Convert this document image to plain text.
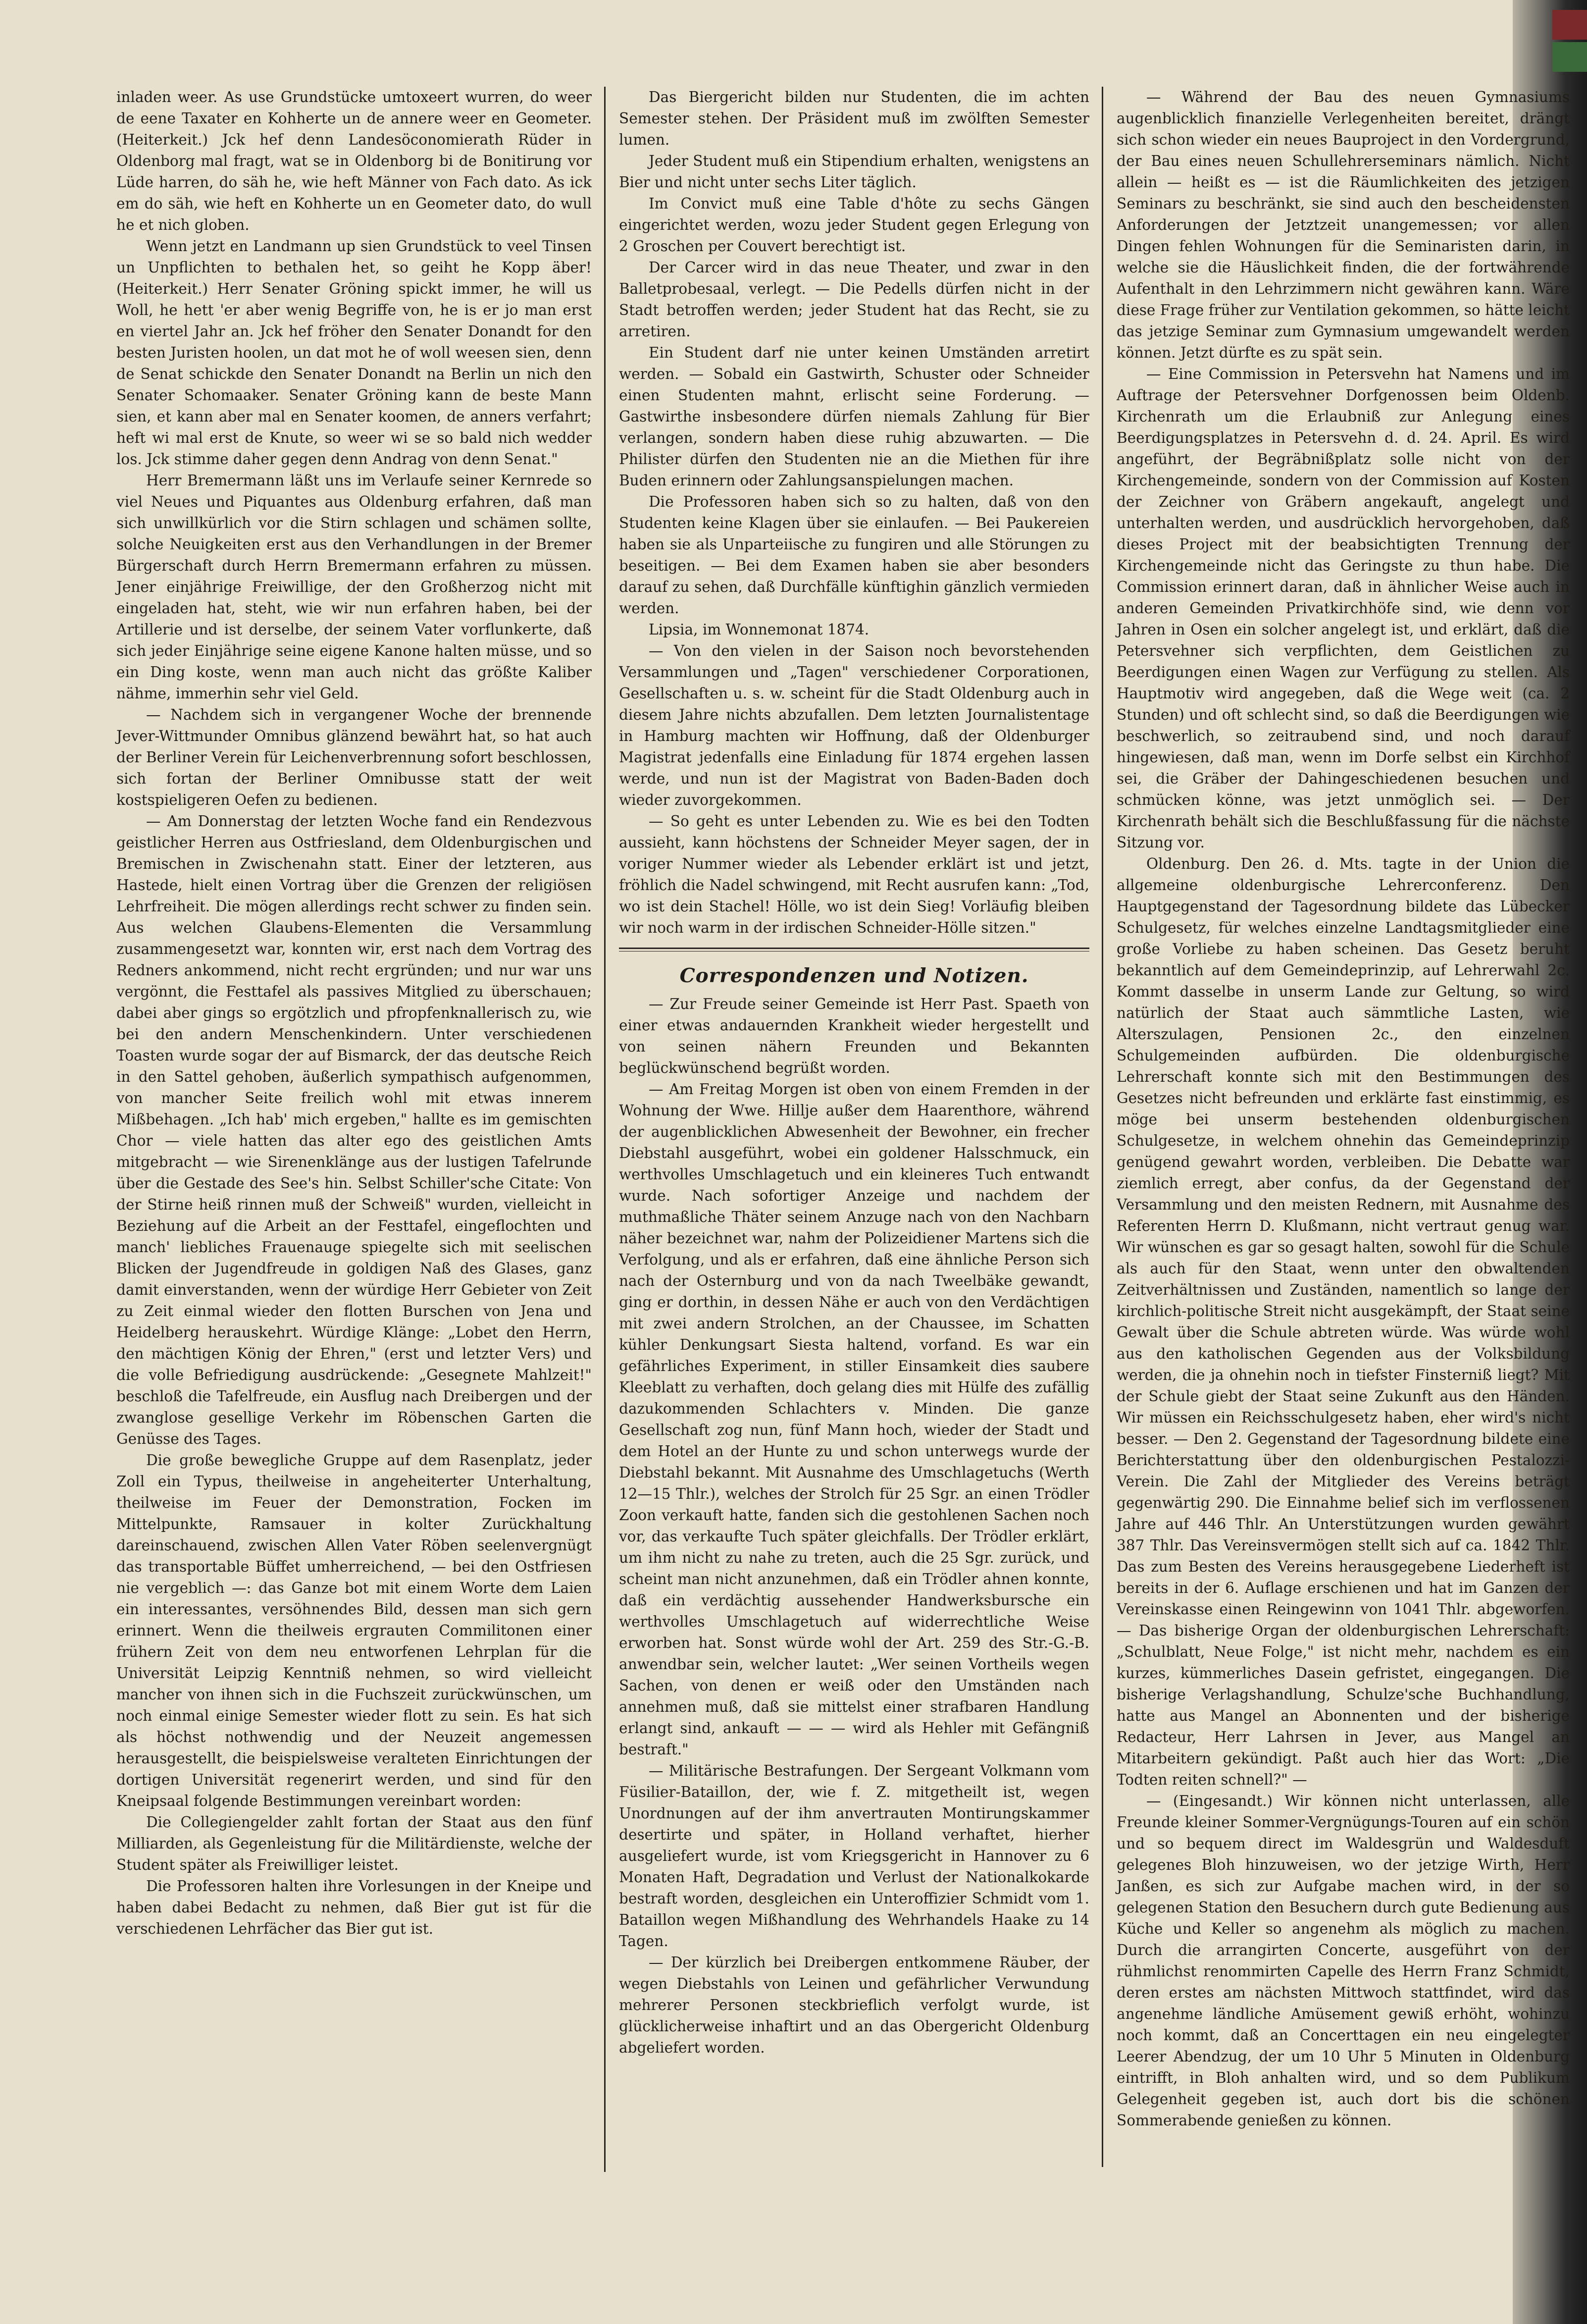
inladen weer. As use Grundstücke umtoxeert wurren, do weer de eene Taxater en Kohherte un de annere weer en Geometer. (Heiterkeit.) Jck hef denn Landesöconomierath Rüder in Oldenborg mal fragt, wat se in Oldenborg bi de Bonitirung vor Lüde harren, do säh he, wie heft Männer von Fach dato. As ick em do säh, wie heft en Kohherte un en Geometer dato, do wull he et nich globen.

Wenn jetzt en Landmann up sien Grundstück to veel Tinsen un Unpflichten to bethalen het, so geiht he Kopp äber! (Heiterkeit.) Herr Senater Gröning spickt immer, he will us Woll, he hett 'er aber wenig Begriffe von, he is er jo man erst en viertel Jahr an. Jck hef fröher den Senater Donandt for den besten Juristen hoolen, un dat mot he of woll weesen sien, denn de Senat schickde den Senater Donandt na Berlin un nich den Senater Schomaaker. Senater Gröning kann de beste Mann sien, et kann aber mal en Senater koomen, de anners verfahrt; heft wi mal erst de Knute, so weer wi se so bald nich wedder los. Jck stimme daher gegen denn Andrag von denn Senat."

Herr Bremermann läßt uns im Verlaufe seiner Kernrede so viel Neues und Piquantes aus Oldenburg erfahren, daß man sich unwillkürlich vor die Stirn schlagen und schämen sollte, solche Neuigkeiten erst aus den Verhandlungen in der Bremer Bürgerschaft durch Herrn Bremermann erfahren zu müssen. Jener einjährige Freiwillige, der den Großherzog nicht mit eingeladen hat, steht, wie wir nun erfahren haben, bei der Artillerie und ist derselbe, der seinem Vater vorflunkerte, daß sich jeder Einjährige seine eigene Kanone halten müsse, und so ein Ding koste, wenn man auch nicht das größte Kaliber nähme, immerhin sehr viel Geld.

— Nachdem sich in vergangener Woche der brennende Jever-Wittmunder Omnibus glänzend bewährt hat, so hat auch der Berliner Verein für Leichenverbrennung sofort beschlossen, sich fortan der Berliner Omnibusse statt der weit kostspieligeren Oefen zu bedienen.

— Am Donnerstag der letzten Woche fand ein Rendezvous geistlicher Herren aus Ostfriesland, dem Oldenburgischen und Bremischen in Zwischenahn statt. Einer der letzteren, aus Hastede, hielt einen Vortrag über die Grenzen der religiösen Lehrfreiheit. Die mögen allerdings recht schwer zu finden sein. Aus welchen Glaubens-Elementen die Versammlung zusammengesetzt war, konnten wir, erst nach dem Vortrag des Redners ankommend, nicht recht ergründen; und nur war uns vergönnt, die Festtafel als passives Mitglied zu überschauen; dabei aber gings so ergötzlich und pfropfenknallerisch zu, wie bei den andern Menschenkindern. Unter verschiedenen Toasten wurde sogar der auf Bismarck, der das deutsche Reich in den Sattel gehoben, äußerlich sympathisch aufgenommen, von mancher Seite freilich wohl mit etwas innerem Mißbehagen. „Ich hab' mich ergeben," hallte es im gemischten Chor — viele hatten das alter ego des geistlichen Amts mitgebracht — wie Sirenenklänge aus der lustigen Tafelrunde über die Gestade des See's hin. Selbst Schiller'sche Citate: Von der Stirne heiß rinnen muß der Schweiß" wurden, vielleicht in Beziehung auf die Arbeit an der Festtafel, eingeflochten und manch' liebliches Frauenauge spiegelte sich mit seelischen Blicken der Jugendfreude in goldigen Naß des Glases, ganz damit einverstanden, wenn der würdige Herr Gebieter von Zeit zu Zeit einmal wieder den flotten Burschen von Jena und Heidelberg herauskehrt. Würdige Klänge: „Lobet den Herrn, den mächtigen König der Ehren," (erst und letzter Vers) und die volle Befriedigung ausdrückende: „Gesegnete Mahlzeit!" beschloß die Tafelfreude, ein Ausflug nach Dreibergen und der zwanglose gesellige Verkehr im Röbenschen Garten die Genüsse des Tages.

Die große bewegliche Gruppe auf dem Rasenplatz, jeder Zoll ein Typus, theilweise in angeheiterter Unterhaltung, theilweise im Feuer der Demonstration, Focken im Mittelpunkte, Ramsauer in kolter Zurückhaltung dareinschauend, zwischen Allen Vater Röben seelenvergnügt das transportable Büffet umherreichend, — bei den Ostfriesen nie vergeblich —: das Ganze bot mit einem Worte dem Laien ein interessantes, versöhnendes Bild, dessen man sich gern erinnert. Wenn die theilweis ergrauten Commilitonen einer frühern Zeit von dem neu entworfenen Lehrplan für die Universität Leipzig Kenntniß nehmen, so wird vielleicht mancher von ihnen sich in die Fuchszeit zurückwünschen, um noch einmal einige Semester wieder flott zu sein. Es hat sich als höchst nothwendig und der Neuzeit angemessen herausgestellt, die beispielsweise veralteten Einrichtungen der dortigen Universität regenerirt werden, und sind für den Kneipsaal folgende Bestimmungen vereinbart worden:

Die Collegiengelder zahlt fortan der Staat aus den fünf Milliarden, als Gegenleistung für die Militärdienste, welche der Student später als Freiwilliger leistet.

Die Professoren halten ihre Vorlesungen in der Kneipe und haben dabei Bedacht zu nehmen, daß Bier gut ist für die verschiedenen Lehrfächer das Bier gut ist.

Das Biergericht bilden nur Studenten, die im achten Semester stehen. Der Präsident muß im zwölften Semester lumen.

Jeder Student muß ein Stipendium erhalten, wenigstens an Bier und nicht unter sechs Liter täglich.

Im Convict muß eine Table d'hôte zu sechs Gängen eingerichtet werden, wozu jeder Student gegen Erlegung von 2 Groschen per Couvert berechtigt ist.

Der Carcer wird in das neue Theater, und zwar in den Balletprobesaal, verlegt. — Die Pedells dürfen nicht in der Stadt betroffen werden; jeder Student hat das Recht, sie zu arretiren.

Ein Student darf nie unter keinen Umständen arretirt werden. — Sobald ein Gastwirth, Schuster oder Schneider einen Studenten mahnt, erlischt seine Forderung. — Gastwirthe insbesondere dürfen niemals Zahlung für Bier verlangen, sondern haben diese ruhig abzuwarten. — Die Philister dürfen den Studenten nie an die Miethen für ihre Buden erinnern oder Zahlungsanspielungen machen.

Die Professoren haben sich so zu halten, daß von den Studenten keine Klagen über sie einlaufen. — Bei Paukereien haben sie als Unparteiische zu fungiren und alle Störungen zu beseitigen. — Bei dem Examen haben sie aber besonders darauf zu sehen, daß Durchfälle künftighin gänzlich vermieden werden.

Lipsia, im Wonnemonat 1874.

— Von den vielen in der Saison noch bevorstehenden Versammlungen und „Tagen" verschiedener Corporationen, Gesellschaften u. s. w. scheint für die Stadt Oldenburg auch in diesem Jahre nichts abzufallen. Dem letzten Journalistentage in Hamburg machten wir Hoffnung, daß der Oldenburger Magistrat jedenfalls eine Einladung für 1874 ergehen lassen werde, und nun ist der Magistrat von Baden-Baden doch wieder zuvorgekommen.

— So geht es unter Lebenden zu. Wie es bei den Todten aussieht, kann höchstens der Schneider Meyer sagen, der in voriger Nummer wieder als Lebender erklärt ist und jetzt, fröhlich die Nadel schwingend, mit Recht ausrufen kann: „Tod, wo ist dein Stachel! Hölle, wo ist dein Sieg! Vorläufig bleiben wir noch warm in der irdischen Schneider-Hölle sitzen."

Correspondenzen und Notizen.

— Zur Freude seiner Gemeinde ist Herr Past. Spaeth von einer etwas andauernden Krankheit wieder hergestellt und von seinen nähern Freunden und Bekannten beglückwünschend begrüßt worden.

— Am Freitag Morgen ist oben von einem Fremden in der Wohnung der Wwe. Hillje außer dem Haarenthore, während der augenblicklichen Abwesenheit der Bewohner, ein frecher Diebstahl ausgeführt, wobei ein goldener Halsschmuck, ein werthvolles Umschlagetuch und ein kleineres Tuch entwandt wurde. Nach sofortiger Anzeige und nachdem der muthmaßliche Thäter seinem Anzuge nach von den Nachbarn näher bezeichnet war, nahm der Polizeidiener Martens sich die Verfolgung, und als er erfahren, daß eine ähnliche Person sich nach der Osternburg und von da nach Tweelbäke gewandt, ging er dorthin, in dessen Nähe er auch von den Verdächtigen mit zwei andern Strolchen, an der Chaussee, im Schatten kühler Denkungsart Siesta haltend, vorfand. Es war ein gefährliches Experiment, in stiller Einsamkeit dies saubere Kleeblatt zu verhaften, doch gelang dies mit Hülfe des zufällig dazukommenden Schlachters v. Minden. Die ganze Gesellschaft zog nun, fünf Mann hoch, wieder der Stadt und dem Hotel an der Hunte zu und schon unterwegs wurde der Diebstahl bekannt. Mit Ausnahme des Umschlagetuchs (Werth 12—15 Thlr.), welches der Strolch für 25 Sgr. an einen Trödler Zoon verkauft hatte, fanden sich die gestohlenen Sachen noch vor, das verkaufte Tuch später gleichfalls. Der Trödler erklärt, um ihm nicht zu nahe zu treten, auch die 25 Sgr. zurück, und scheint man nicht anzunehmen, daß ein Trödler ahnen konnte, daß ein verdächtig aussehender Handwerksbursche ein werthvolles Umschlagetuch auf widerrechtliche Weise erworben hat. Sonst würde wohl der Art. 259 des Str.-G.-B. anwendbar sein, welcher lautet: „Wer seinen Vortheils wegen Sachen, von denen er weiß oder den Umständen nach annehmen muß, daß sie mittelst einer strafbaren Handlung erlangt sind, ankauft — — — wird als Hehler mit Gefängniß bestraft."

— Militärische Bestrafungen. Der Sergeant Volkmann vom Füsilier-Bataillon, der, wie f. Z. mitgetheilt ist, wegen Unordnungen auf der ihm anvertrauten Montirungskammer desertirte und später, in Holland verhaftet, hierher ausgeliefert wurde, ist vom Kriegsgericht in Hannover zu 6 Monaten Haft, Degradation und Verlust der Nationalkokarde bestraft worden, desgleichen ein Unteroffizier Schmidt vom 1. Bataillon wegen Mißhandlung des Wehrhandels Haake zu 14 Tagen.

— Der kürzlich bei Dreibergen entkommene Räuber, der wegen Diebstahls von Leinen und gefährlicher Verwundung mehrerer Personen steckbrieflich verfolgt wurde, ist glücklicherweise inhaftirt und an das Obergericht Oldenburg abgeliefert worden.

— Während der Bau des neuen Gymnasiums augenblicklich finanzielle Verlegenheiten bereitet, drängt sich schon wieder ein neues Bauproject in den Vordergrund, der Bau eines neuen Schullehrerseminars nämlich. Nicht allein — heißt es — ist die Räumlichkeiten des jetzigen Seminars zu beschränkt, sie sind auch den bescheidensten Anforderungen der Jetztzeit unangemessen; vor allen Dingen fehlen Wohnungen für die Seminaristen darin, in welche sie die Häuslichkeit finden, die der fortwährende Aufenthalt in den Lehrzimmern nicht gewähren kann. Wäre diese Frage früher zur Ventilation gekommen, so hätte leicht das jetzige Seminar zum Gymnasium umgewandelt werden können. Jetzt dürfte es zu spät sein.

— Eine Commission in Petersvehn hat Namens und im Auftrage der Petersvehner Dorfgenossen beim Oldenb. Kirchenrath um die Erlaubniß zur Anlegung eines Beerdigungsplatzes in Petersvehn d. d. 24. April. Es wird angeführt, der Begräbnißplatz solle nicht von der Kirchengemeinde, sondern von der Commission auf Kosten der Zeichner von Gräbern angekauft, angelegt und unterhalten werden, und ausdrücklich hervorgehoben, daß dieses Project mit der beabsichtigten Trennung der Kirchengemeinde nicht das Geringste zu thun habe. Die Commission erinnert daran, daß in ähnlicher Weise auch in anderen Gemeinden Privatkirchhöfe sind, wie denn vor Jahren in Osen ein solcher angelegt ist, und erklärt, daß die Petersvehner sich verpflichten, dem Geistlichen zu Beerdigungen einen Wagen zur Verfügung zu stellen. Als Hauptmotiv wird angegeben, daß die Wege weit (ca. 2 Stunden) und oft schlecht sind, so daß die Beerdigungen wie beschwerlich, so zeitraubend sind, und noch darauf hingewiesen, daß man, wenn im Dorfe selbst ein Kirchhof sei, die Gräber der Dahingeschiedenen besuchen und schmücken könne, was jetzt unmöglich sei. — Der Kirchenrath behält sich die Beschlußfassung für die nächste Sitzung vor.

Oldenburg. Den 26. d. Mts. tagte in der Union die allgemeine oldenburgische Lehrerconferenz. Den Hauptgegenstand der Tagesordnung bildete das Lübecker Schulgesetz, für welches einzelne Landtagsmitglieder eine große Vorliebe zu haben scheinen. Das Gesetz beruht bekanntlich auf dem Gemeindeprinzip, auf Lehrerwahl 2c. Kommt dasselbe in unserm Lande zur Geltung, so wird natürlich der Staat auch sämmtliche Lasten, wie Alterszulagen, Pensionen 2c., den einzelnen Schulgemeinden aufbürden. Die oldenburgische Lehrerschaft konnte sich mit den Bestimmungen des Gesetzes nicht befreunden und erklärte fast einstimmig, es möge bei unserm bestehenden oldenburgischen Schulgesetze, in welchem ohnehin das Gemeindeprinzip genügend gewahrt worden, verbleiben. Die Debatte war ziemlich erregt, aber confus, da der Gegenstand der Versammlung und den meisten Rednern, mit Ausnahme des Referenten Herrn D. Klußmann, nicht vertraut genug war. Wir wünschen es gar so gesagt halten, sowohl für die Schule als auch für den Staat, wenn unter den obwaltenden Zeitverhältnissen und Zuständen, namentlich so lange der kirchlich-politische Streit nicht ausgekämpft, der Staat seine Gewalt über die Schule abtreten würde. Was würde wohl aus den katholischen Gegenden aus der Volksbildung werden, die ja ohnehin noch in tiefster Finsterniß liegt? Mit der Schule giebt der Staat seine Zukunft aus den Händen. Wir müssen ein Reichsschulgesetz haben, eher wird's nicht besser. — Den 2. Gegenstand der Tagesordnung bildete eine Berichterstattung über den oldenburgischen Pestalozzi-Verein. Die Zahl der Mitglieder des Vereins beträgt gegenwärtig 290. Die Einnahme belief sich im verflossenen Jahre auf 446 Thlr. An Unterstützungen wurden gewährt 387 Thlr. Das Vereinsvermögen stellt sich auf ca. 1842 Thlr. Das zum Besten des Vereins herausgegebene Liederheft ist bereits in der 6. Auflage erschienen und hat im Ganzen der Vereinskasse einen Reingewinn von 1041 Thlr. abgeworfen. — Das bisherige Organ der oldenburgischen Lehrerschaft: „Schulblatt, Neue Folge," ist nicht mehr, nachdem es ein kurzes, kümmerliches Dasein gefristet, eingegangen. Die bisherige Verlagshandlung, Schulze'sche Buchhandlung, hatte aus Mangel an Abonnenten und der bisherige Redacteur, Herr Lahrsen in Jever, aus Mangel an Mitarbeitern gekündigt. Paßt auch hier das Wort: „Die Todten reiten schnell?" —

— (Eingesandt.) Wir können nicht unterlassen, alle Freunde kleiner Sommer-Vergnügungs-Touren auf ein schön und so bequem direct im Waldesgrün und Waldesduft gelegenes Bloh hinzuweisen, wo der jetzige Wirth, Herr Janßen, es sich zur Aufgabe machen wird, in der so gelegenen Station den Besuchern durch gute Bedienung aus Küche und Keller so angenehm als möglich zu machen. Durch die arrangirten Concerte, ausgeführt von der rühmlichst renommirten Capelle des Herrn Franz Schmidt, deren erstes am nächsten Mittwoch stattfindet, wird das angenehme ländliche Amüsement gewiß erhöht, wohinzu noch kommt, daß an Concerttagen ein neu eingelegter Leerer Abendzug, der um 10 Uhr 5 Minuten in Oldenburg eintrifft, in Bloh anhalten wird, und so dem Publikum Gelegenheit gegeben ist, auch dort bis die schönen Sommerabende genießen zu können.
